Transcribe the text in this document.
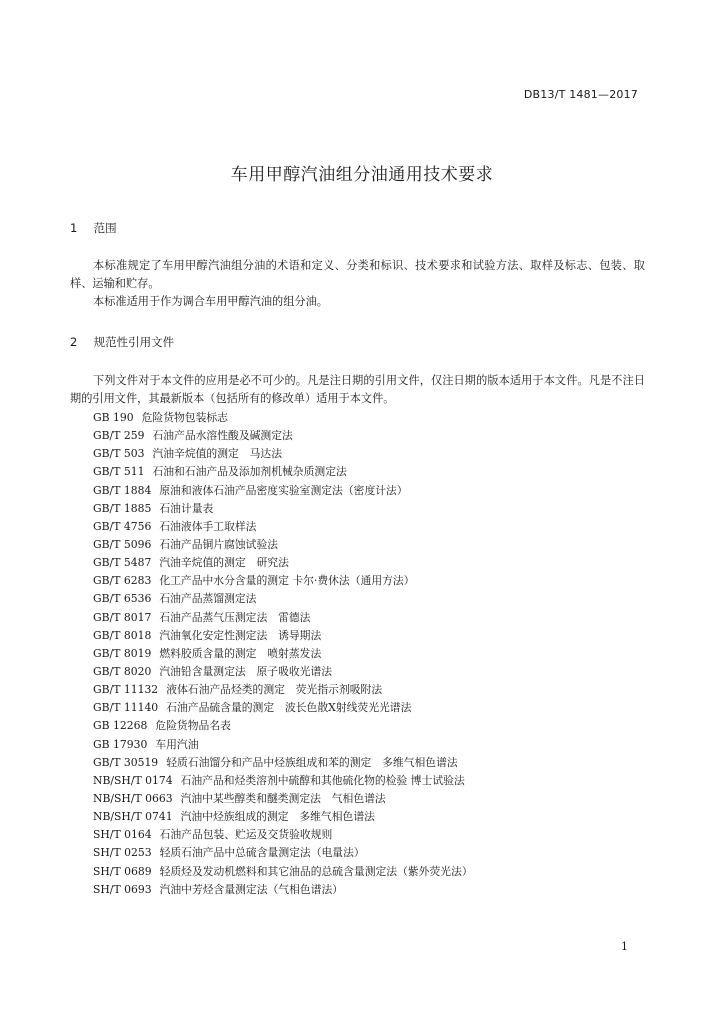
DB13/T 1481—2017
车用甲醇汽油组分油通用技术要求
1 范围

本标准规定了车用甲醇汽油组分油的术语和定义、分类和标识、技术要求和试验方法、取样及标志、包装、取样、运输和贮存。

本标准适用于作为调合车用甲醇汽油的组分油。

2 规范性引用文件

下列文件对于本文件的应用是必不可少的。凡是注日期的引用文件，仅注日期的版本适用于本文件。凡是不注日期的引用文件，其最新版本（包括所有的修改单）适用于本文件。

GB 190 危险货物包装标志
GB/T 259 石油产品水溶性酸及碱测定法
GB/T 503 汽油辛烷值的测定　马达法
GB/T 511 石油和石油产品及添加剂机械杂质测定法
GB/T 1884 原油和液体石油产品密度实验室测定法（密度计法）
GB/T 1885 石油计量表
GB/T 4756 石油液体手工取样法
GB/T 5096 石油产品铜片腐蚀试验法
GB/T 5487 汽油辛烷值的测定　研究法
GB/T 6283 化工产品中水分含量的测定 卡尔·费休法（通用方法）
GB/T 6536 石油产品蒸馏测定法
GB/T 8017 石油产品蒸气压测定法　雷德法
GB/T 8018 汽油氧化安定性测定法　诱导期法
GB/T 8019 燃料胶质含量的测定　喷射蒸发法
GB/T 8020 汽油铅含量测定法　原子吸收光谱法
GB/T 11132 液体石油产品烃类的测定　荧光指示剂吸附法
GB/T 11140 石油产品硫含量的测定　波长色散X射线荧光光谱法
GB 12268 危险货物品名表
GB 17930 车用汽油
GB/T 30519 轻质石油馏分和产品中烃族组成和苯的测定　多维气相色谱法
NB/SH/T 0174 石油产品和烃类溶剂中硫醇和其他硫化物的检验 博士试验法
NB/SH/T 0663 汽油中某些醇类和醚类测定法　气相色谱法
NB/SH/T 0741 汽油中烃族组成的测定　多维气相色谱法
SH/T 0164 石油产品包装、贮运及交货验收规则
SH/T 0253 轻质石油产品中总硫含量测定法（电量法）
SH/T 0689 轻质烃及发动机燃料和其它油品的总硫含量测定法（紫外荧光法）
SH/T 0693 汽油中芳烃含量测定法（气相色谱法）
1
